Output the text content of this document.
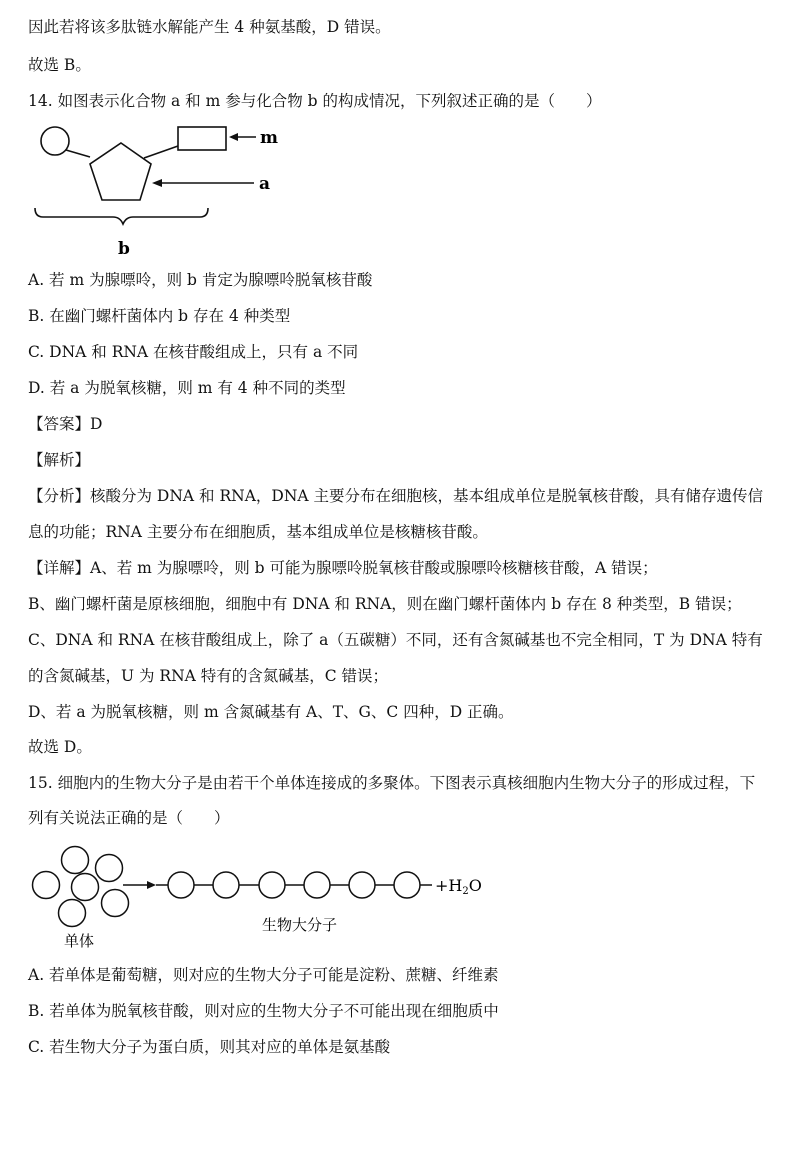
因此若将该多肽链水解能产生 4 种氨基酸，D 错误。
故选 B。
14. 如图表示化合物 a 和 m 参与化合物 b 的构成情况，下列叙述正确的是（　　）
m
a
b
A. 若 m 为腺嘌呤，则 b 肯定为腺嘌呤脱氧核苷酸
B. 在幽门螺杆菌体内 b 存在 4 种类型
C. DNA 和 RNA 在核苷酸组成上，只有 a 不同
D. 若 a 为脱氧核糖，则 m 有 4 种不同的类型
【答案】D
【解析】
【分析】核酸分为 DNA 和 RNA，DNA 主要分布在细胞核，基本组成单位是脱氧核苷酸，具有储存遗传信
息的功能；RNA 主要分布在细胞质，基本组成单位是核糖核苷酸。
【详解】A、若 m 为腺嘌呤，则 b 可能为腺嘌呤脱氧核苷酸或腺嘌呤核糖核苷酸，A 错误；
B、幽门螺杆菌是原核细胞，细胞中有 DNA 和 RNA，则在幽门螺杆菌体内 b 存在 8 种类型，B 错误；
C、DNA 和 RNA 在核苷酸组成上，除了 a（五碳糖）不同，还有含氮碱基也不完全相同，T 为 DNA 特有
的含氮碱基，U 为 RNA 特有的含氮碱基，C 错误；
D、若 a 为脱氧核糖，则 m 含氮碱基有 A、T、G、C 四种，D 正确。
故选 D。
15. 细胞内的生物大分子是由若干个单体连接成的多聚体。下图表示真核细胞内生物大分子的形成过程，下
列有关说法正确的是（　　）
单体
+H2O
生物大分子
A. 若单体是葡萄糖，则对应的生物大分子可能是淀粉、蔗糖、纤维素
B. 若单体为脱氧核苷酸，则对应的生物大分子不可能出现在细胞质中
C. 若生物大分子为蛋白质，则其对应的单体是氨基酸
